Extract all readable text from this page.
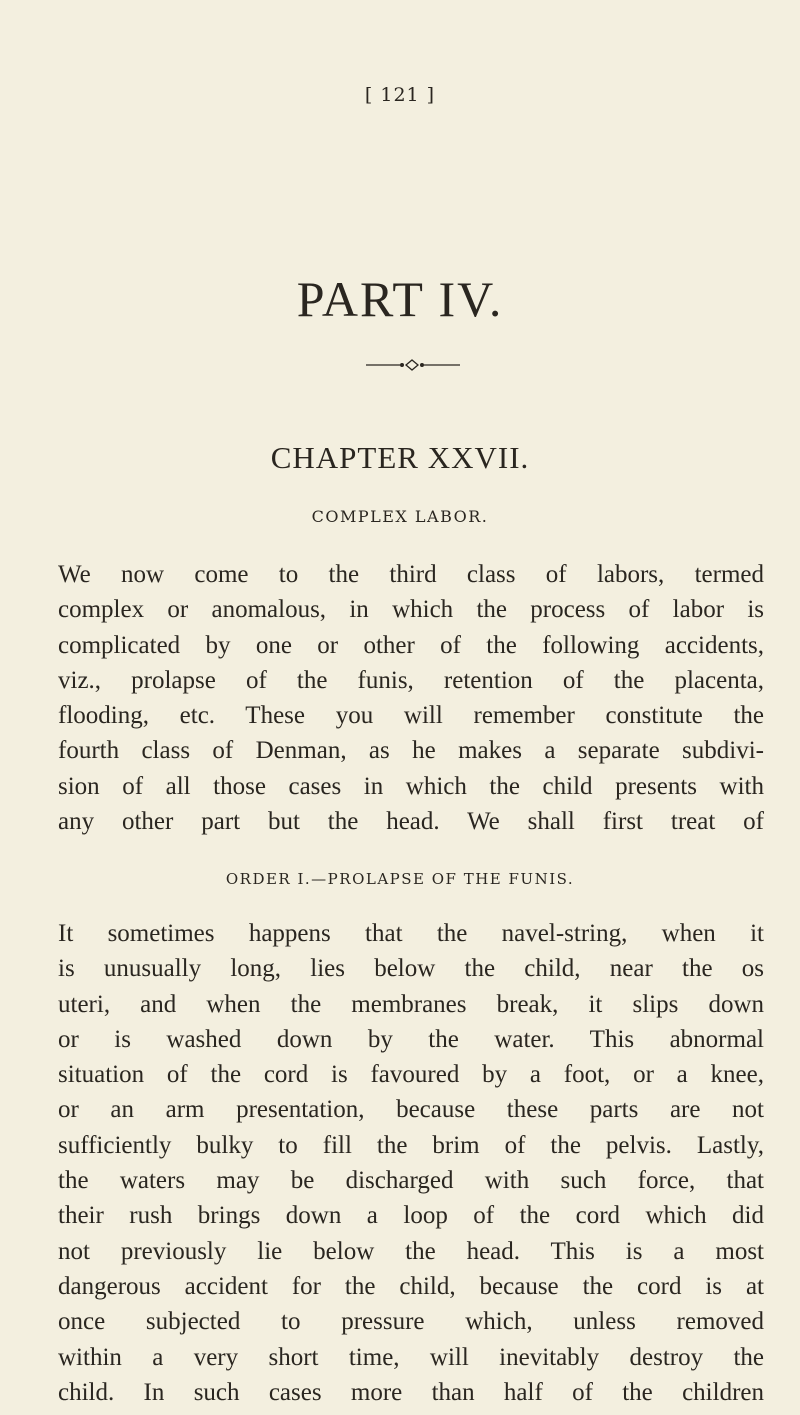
[ 121 ]
PART IV.
CHAPTER XXVII.
COMPLEX LABOR.

We now come to the third class of labors, termed
complex or anomalous, in which the process of labor is
complicated by one or other of the following accidents,
viz., prolapse of the funis, retention of the placenta,
flooding, etc. These you will remember constitute the
fourth class of Denman, as he makes a separate subdivi-
sion of all those cases in which the child presents with
any other part but the head. We shall first treat of

ORDER I.—PROLAPSE OF THE FUNIS.

It sometimes happens that the navel-string, when it
is unusually long, lies below the child, near the os
uteri, and when the membranes break, it slips down
or is washed down by the water. This abnormal
situation of the cord is favoured by a foot, or a knee,
or an arm presentation, because these parts are not
sufficiently bulky to fill the brim of the pelvis. Lastly,
the waters may be discharged with such force, that
their rush brings down a loop of the cord which did
not previously lie below the head. This is a most
dangerous accident for the child, because the cord is at
once subjected to pressure which, unless removed
within a very short time, will inevitably destroy the
child. In such cases more than half of the children
